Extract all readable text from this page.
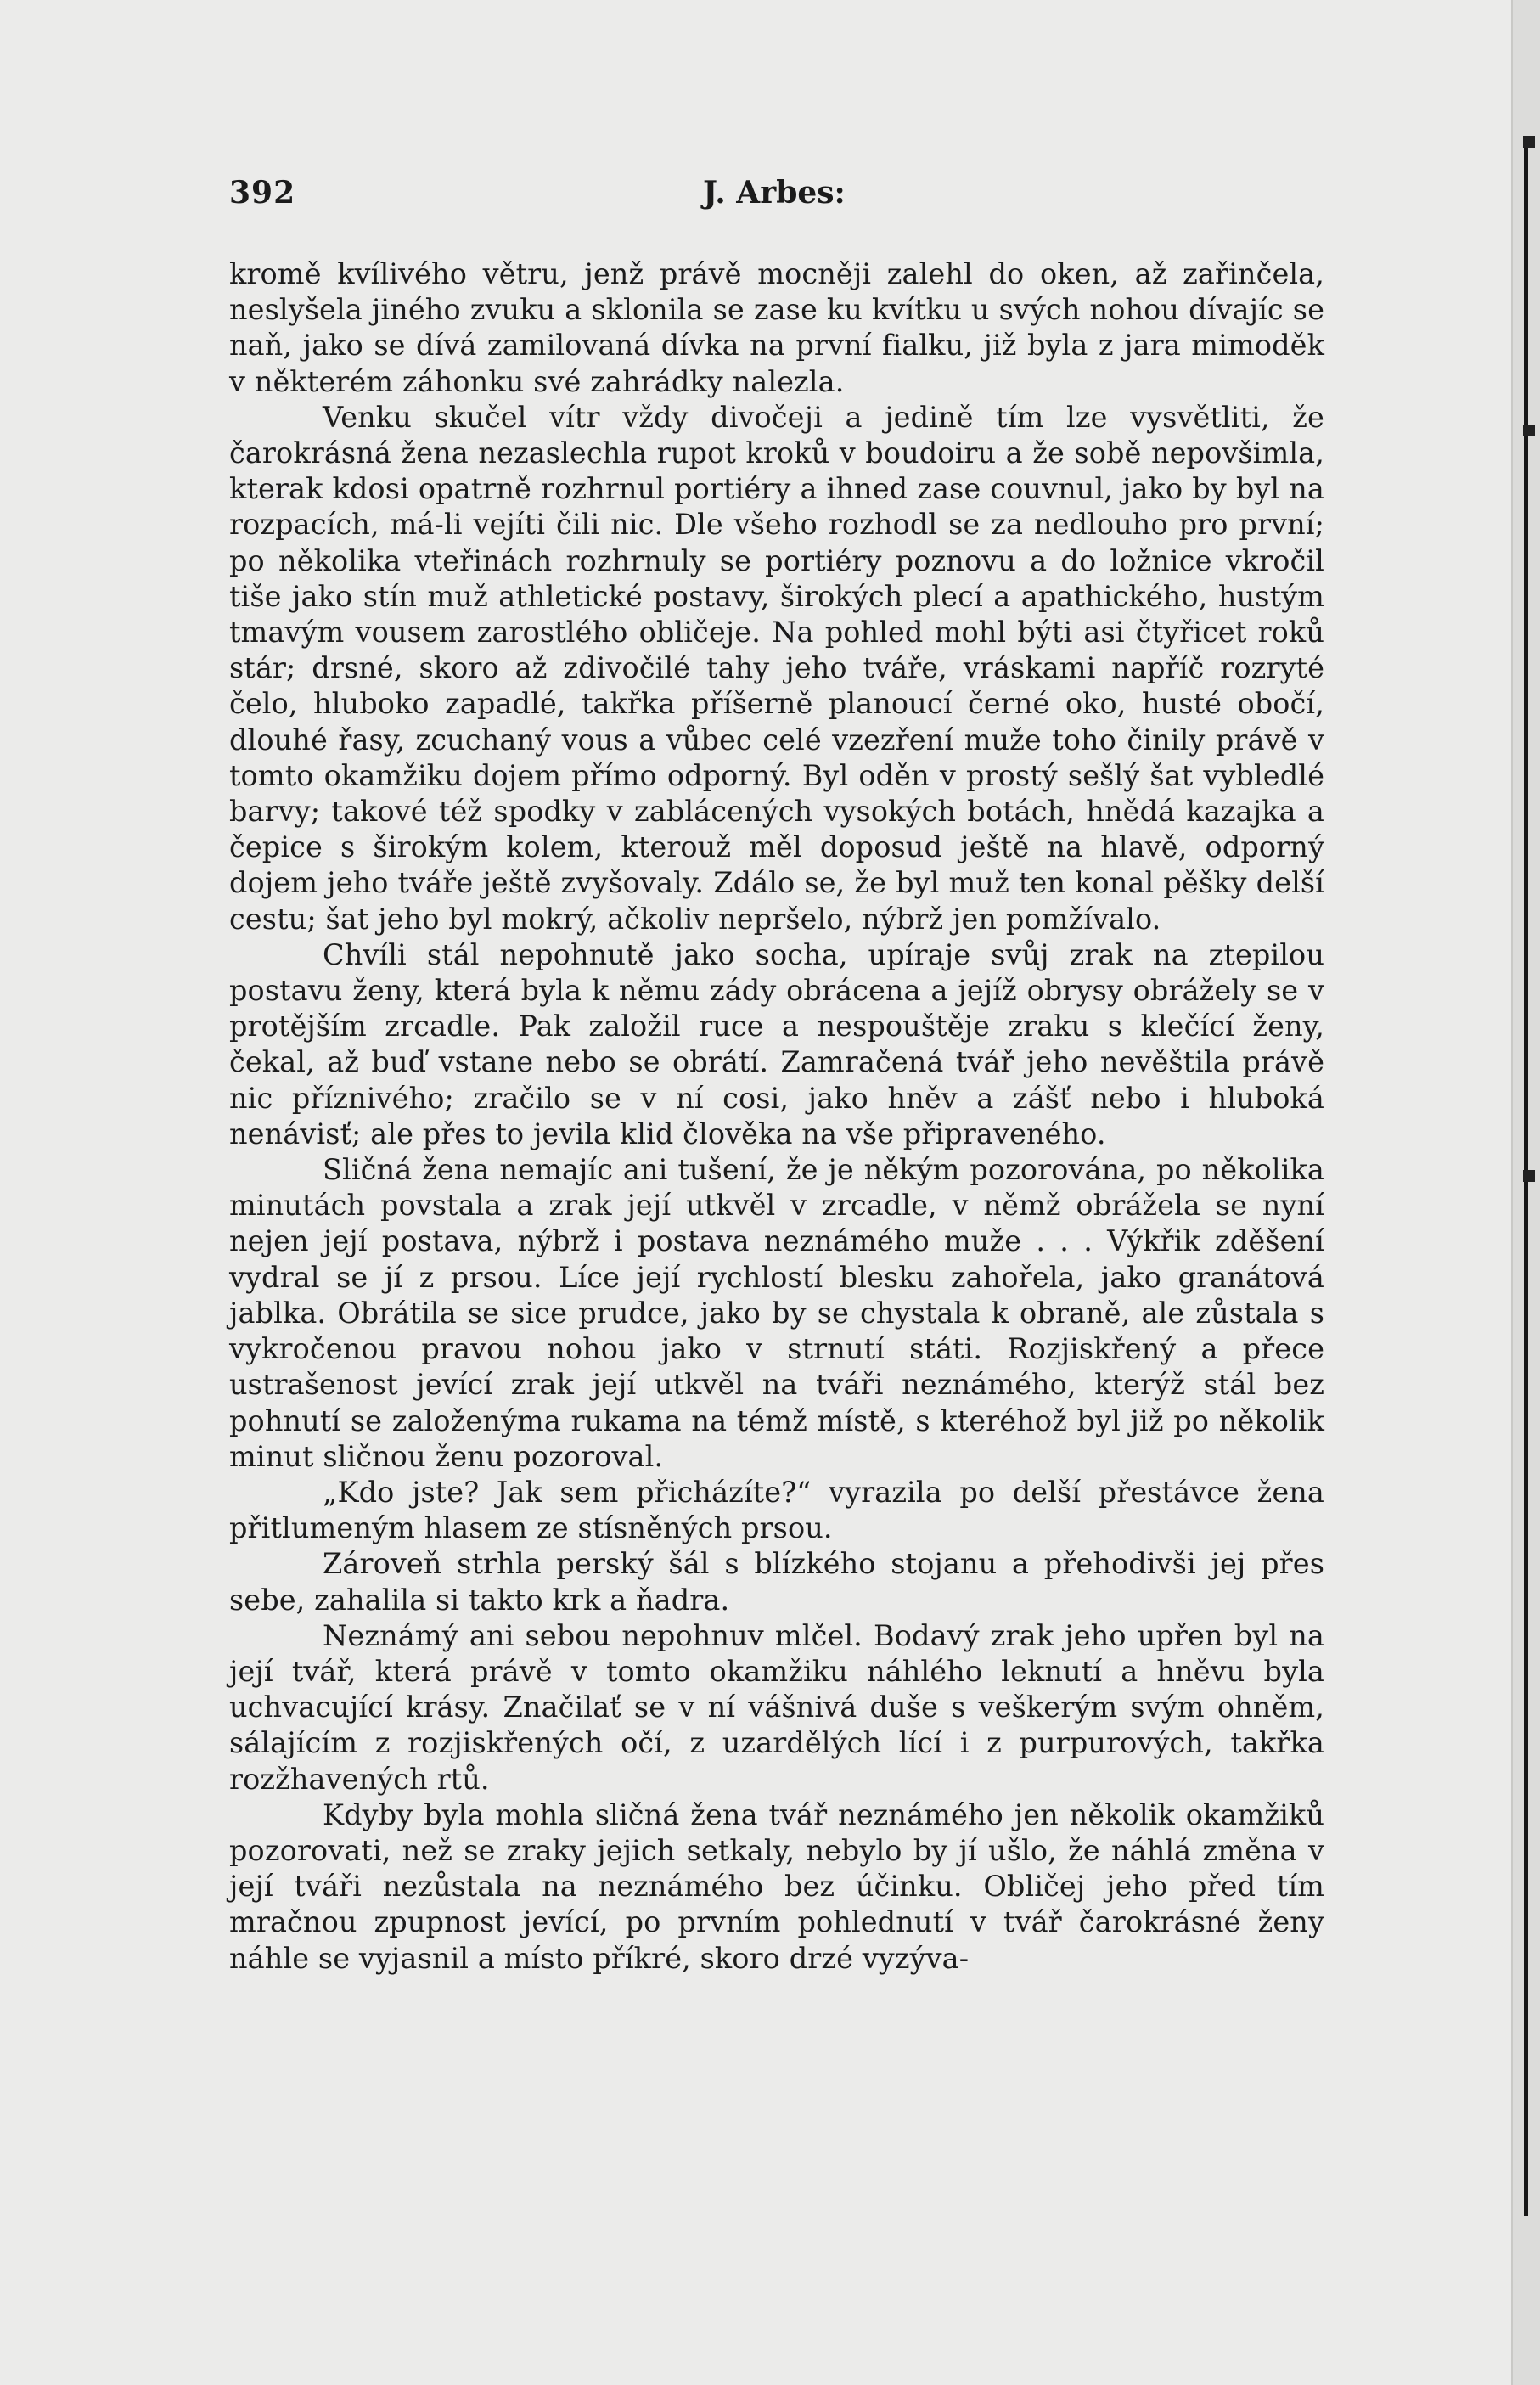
392	J. Arbes:

kromě kvílivého větru, jenž právě mocněji zalehl do oken, až zařinčela, neslyšela jiného zvuku a sklonila se zase ku kvítku u svých nohou dívajíc se naň, jako se dívá zamilovaná dívka na první fialku, již byla z jara mimoděk v některém záhonku své zahrádky nalezla.

Venku skučel vítr vždy divočeji a jedině tím lze vysvětliti, že čarokrásná žena nezaslechla rupot kroků v boudoiru a že sobě nepovšimla, kterak kdosi opatrně rozhrnul portiéry a ihned zase couvnul, jako by byl na rozpacích, má-li vejíti čili nic. Dle všeho rozhodl se za nedlouho pro první; po několika vteřinách rozhrnuly se portiéry poznovu a do ložnice vkročil tiše jako stín muž athletické postavy, širokých plecí a apathického, hustým tmavým vousem zarostlého obličeje. Na pohled mohl býti asi čtyřicet roků stár; drsné, skoro až zdivočilé tahy jeho tváře, vráskami napříč rozryté čelo, hluboko zapadlé, takřka příšerně planoucí černé oko, husté obočí, dlouhé řasy, zcuchaný vous a vůbec celé vzezření muže toho činily právě v tomto okamžiku dojem přímo odporný. Byl oděn v prostý sešlý šat vybledlé barvy; takové též spodky v zablácených vysokých botách, hnědá kazajka a čepice s širokým kolem, kterouž měl doposud ještě na hlavě, odporný dojem jeho tváře ještě zvyšovaly. Zdálo se, že byl muž ten konal pěšky delší cestu; šat jeho byl mokrý, ačkoliv nepršelo, nýbrž jen pomžívalo.

Chvíli stál nepohnutě jako socha, upíraje svůj zrak na ztepilou postavu ženy, která byla k němu zády obrácena a jejíž obrysy obrážely se v protějším zrcadle. Pak založil ruce a nespouštěje zraku s klečící ženy, čekal, až buď vstane nebo se obrátí. Zamračená tvář jeho nevěštila právě nic příznivého; zračilo se v ní cosi, jako hněv a zášť nebo i hluboká nenávisť; ale přes to jevila klid člověka na vše připraveného.

Sličná žena nemajíc ani tušení, že je někým pozorována, po několika minutách povstala a zrak její utkvěl v zrcadle, v němž obrážela se nyní nejen její postava, nýbrž i postava neznámého muže . . . Výkřik zděšení vydral se jí z prsou. Líce její rychlostí blesku zahořela, jako granátová jablka. Obrátila se sice prudce, jako by se chystala k obraně, ale zůstala s vykročenou pravou nohou jako v strnutí státi. Rozjiskřený a přece ustrašenost jevící zrak její utkvěl na tváři neznámého, kterýž stál bez pohnutí se založenýma rukama na témž místě, s kteréhož byl již po několik minut sličnou ženu pozoroval.

„Kdo jste? Jak sem přicházíte?“ vyrazila po delší přestávce žena přitlumeným hlasem ze stísněných prsou.

Zároveň strhla perský šál s blízkého stojanu a přehodivši jej přes sebe, zahalila si takto krk a ňadra.

Neznámý ani sebou nepohnuv mlčel. Bodavý zrak jeho upřen byl na její tvář, která právě v tomto okamžiku náhlého leknutí a hněvu byla uchvacující krásy. Značilať se v ní vášnivá duše s veškerým svým ohněm, sálajícím z rozjiskřených očí, z uzardělých lící i z purpurových, takřka rozžhavených rtů.

Kdyby byla mohla sličná žena tvář neznámého jen několik okamžiků pozorovati, než se zraky jejich setkaly, nebylo by jí ušlo, že náhlá změna v její tváři nezůstala na neznámého bez účinku. Obličej jeho před tím mračnou zpupnost jevící, po prvním pohlednutí v tvář čarokrásné ženy náhle se vyjasnil a místo příkré, skoro drzé vyzýva-
